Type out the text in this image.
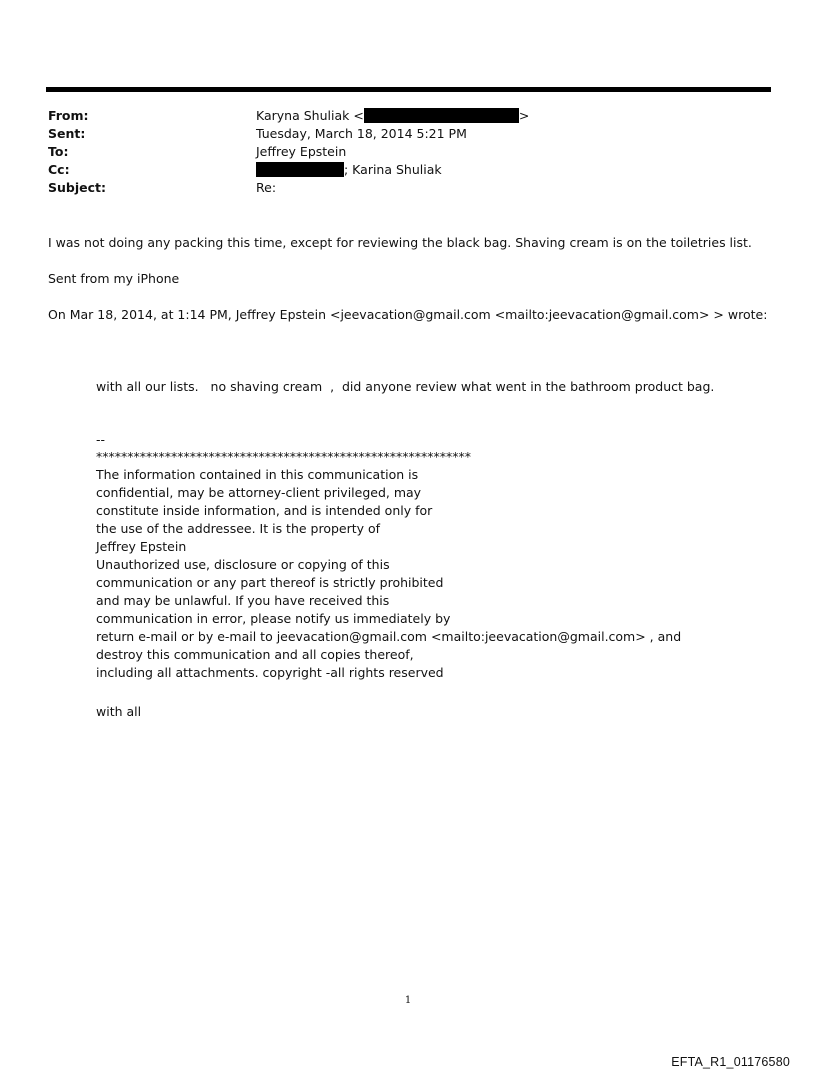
From:	Karyna Shuliak <	>
Sent:	Tuesday, March 18, 2014 5:21 PM
To:	Jeffrey Epstein
Cc:	; Karina Shuliak
Subject:	Re:
I was not doing any packing this time, except for reviewing the black bag. Shaving cream is on the toiletries list.
Sent from my iPhone
On Mar 18, 2014, at 1:14 PM, Jeffrey Epstein <jeevacation@gmail.com <mailto:jeevacation@gmail.com> > wrote:
with all our lists.   no shaving cream  ,  did anyone review what went in the bathroom product bag.
--
************************************************************
The information contained in this communication is
confidential, may be attorney-client privileged, may
constitute inside information, and is intended only for
the use of the addressee. It is the property of
Jeffrey Epstein
Unauthorized use, disclosure or copying of this
communication or any part thereof is strictly prohibited
and may be unlawful. If you have received this
communication in error, please notify us immediately by
return e-mail or by e-mail to jeevacation@gmail.com <mailto:jeevacation@gmail.com> , and
destroy this communication and all copies thereof,
including all attachments. copyright -all rights reserved
with all
1
EFTA_R1_01176580
